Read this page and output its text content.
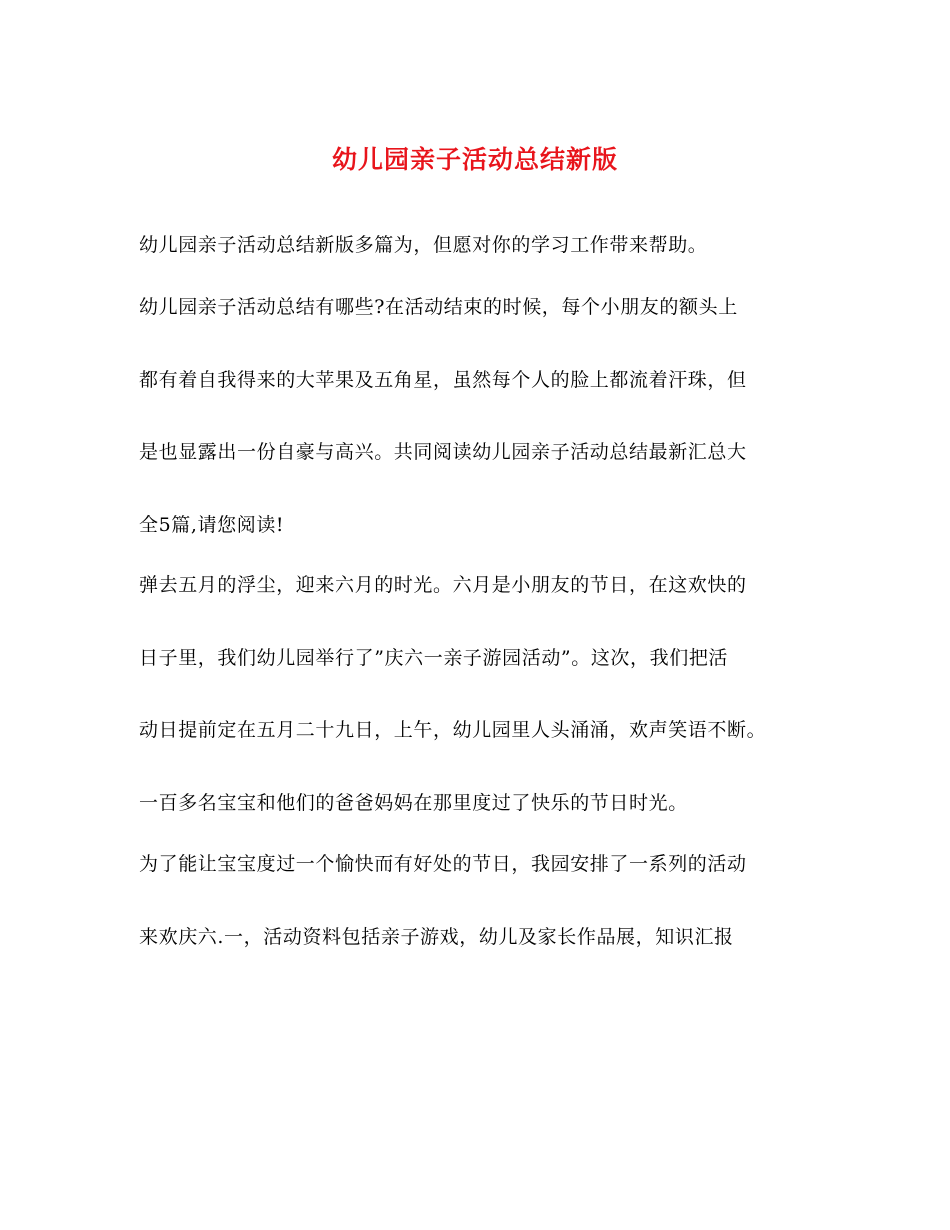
幼儿园亲子活动总结新版
幼儿园亲子活动总结新版多篇为，但愿对你的学习工作带来帮助。
幼儿园亲子活动总结有哪些?在活动结束的时候，每个小朋友的额头上
都有着自我得来的大苹果及五角星，虽然每个人的脸上都流着汗珠，但
是也显露出一份自豪与高兴。共同阅读幼儿园亲子活动总结最新汇总大
全5篇,请您阅读!
弹去五月的浮尘，迎来六月的时光。六月是小朋友的节日，在这欢快的
日子里，我们幼儿园举行了”庆六一亲子游园活动”。这次，我们把活
动日提前定在五月二十九日，上午，幼儿园里人头涌涌，欢声笑语不断。
一百多名宝宝和他们的爸爸妈妈在那里度过了快乐的节日时光。
为了能让宝宝度过一个愉快而有好处的节日，我园安排了一系列的活动
来欢庆六.一，活动资料包括亲子游戏，幼儿及家长作品展，知识汇报
